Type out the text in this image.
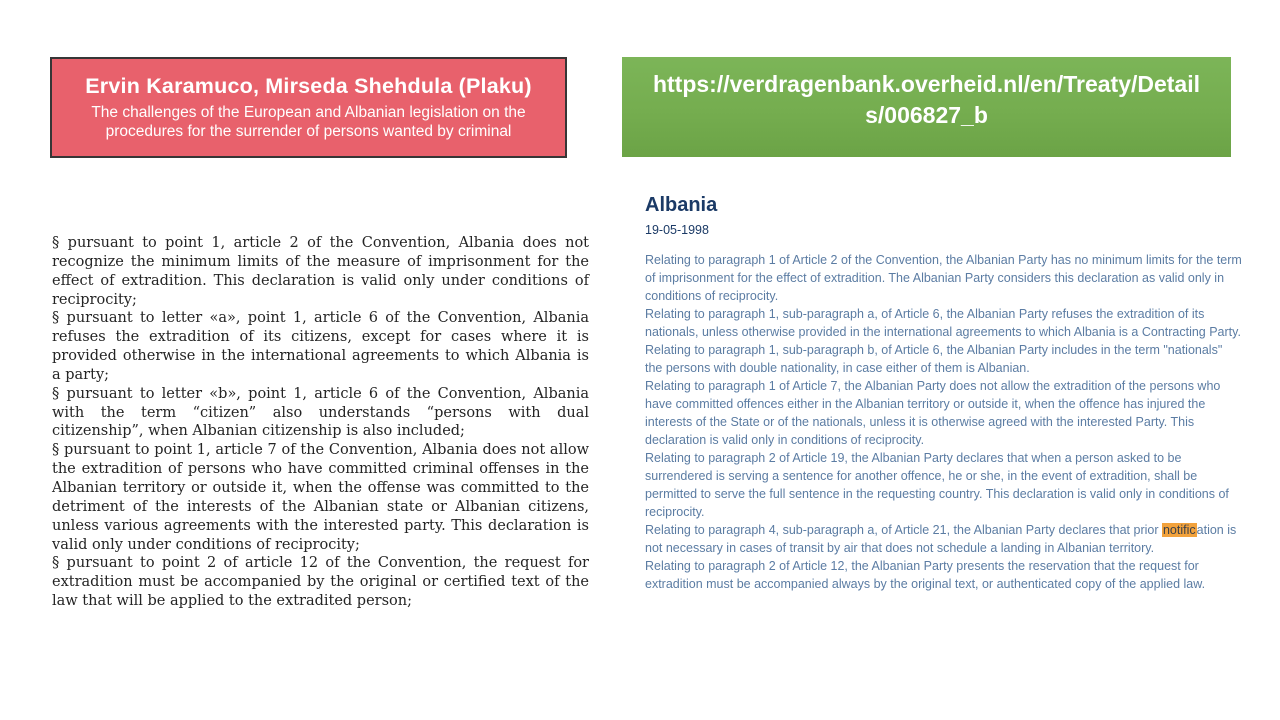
Ervin Karamuco, Mirseda Shehdula (Plaku)
The challenges of the European and Albanian legislation on the procedures for the surrender of persons wanted by criminal
https://verdragenbank.overheid.nl/en/Treaty/Details/006827_b

§ pursuant to point 1, article 2 of the Convention, Albania does not recognize the minimum limits of the measure of imprisonment for the effect of extradition. This declaration is valid only under conditions of reciprocity;

§ pursuant to letter «a», point 1, article 6 of the Convention, Albania refuses the extradition of its citizens, except for cases where it is provided otherwise in the international agreements to which Albania is a party;

§ pursuant to letter «b», point 1, article 6 of the Convention, Albania with the term “citizen” also understands “persons with dual citizenship”, when Albanian citizenship is also included;

§ pursuant to point 1, article 7 of the Convention, Albania does not allow the extradition of persons who have committed criminal offenses in the Albanian territory or outside it, when the offense was committed to the detriment of the interests of the Albanian state or Albanian citizens, unless various agreements with the interested party. This declaration is valid only under conditions of reciprocity;

§ pursuant to point 2 of article 12 of the Convention, the request for extradition must be accompanied by the original or certified text of the law that will be applied to the extradited person;

Albania
19-05-1998

Relating to paragraph 1 of Article 2 of the Convention, the Albanian Party has no minimum limits for the term of imprisonment for the effect of extradition. The Albanian Party considers this declaration as valid only in conditions of reciprocity.

Relating to paragraph 1, sub-paragraph a, of Article 6, the Albanian Party refuses the extradition of its nationals, unless otherwise provided in the international agreements to which Albania is a Contracting Party.

Relating to paragraph 1, sub-paragraph b, of Article 6, the Albanian Party includes in the term "nationals" the persons with double nationality, in case either of them is Albanian.

Relating to paragraph 1 of Article 7, the Albanian Party does not allow the extradition of the persons who have committed offences either in the Albanian territory or outside it, when the offence has injured the interests of the State or of the nationals, unless it is otherwise agreed with the interested Party. This declaration is valid only in conditions of reciprocity.

Relating to paragraph 2 of Article 19, the Albanian Party declares that when a person asked to be surrendered is serving a sentence for another offence, he or she, in the event of extradition, shall be permitted to serve the full sentence in the requesting country. This declaration is valid only in conditions of reciprocity.

Relating to paragraph 4, sub-paragraph a, of Article 21, the Albanian Party declares that prior notification is not necessary in cases of transit by air that does not schedule a landing in Albanian territory.

Relating to paragraph 2 of Article 12, the Albanian Party presents the reservation that the request for extradition must be accompanied always by the original text, or authenticated copy of the applied law.
